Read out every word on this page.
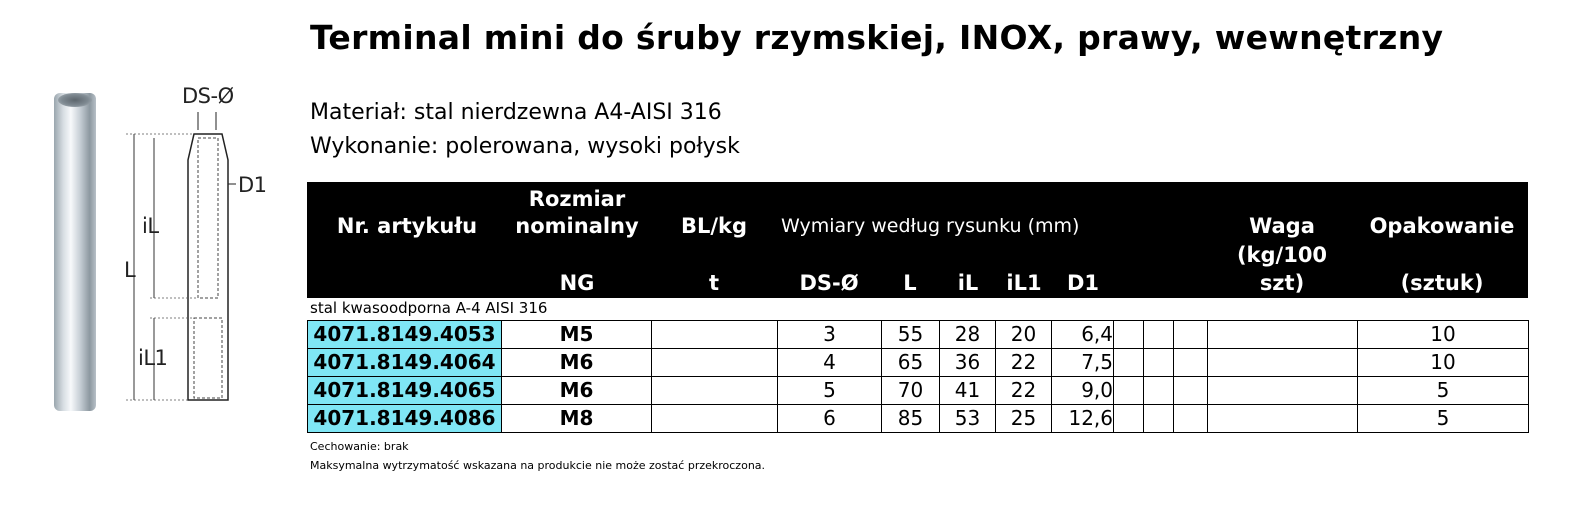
Terminal mini do śruby rzymskiej, INOX, prawy, wewnętrzny
Materiał: stal nierdzewna A4-AISI 316
Wykonanie: polerowana, wysoki połysk
DS-Ø
D1
iL
L
iL1
Nr. artykułu
Rozmiar
nominalny
NG
BL/kg
t
Wymiary według rysunku (mm)
DS-Ø	L	iL	iL1	D1
Waga
(kg/100
szt)
Opakowanie
(sztuk)
stal kwasoodporna A-4 AISI 316
4071.8149.4053	M5		3	55	28	20	6,4					10
4071.8149.4064	M6		4	65	36	22	7,5					10
4071.8149.4065	M6		5	70	41	22	9,0					5
4071.8149.4086	M8		6	85	53	25	12,6					5
Cechowanie: brak
Maksymalna wytrzymatość wskazana na produkcie nie może zostać przekroczona.
